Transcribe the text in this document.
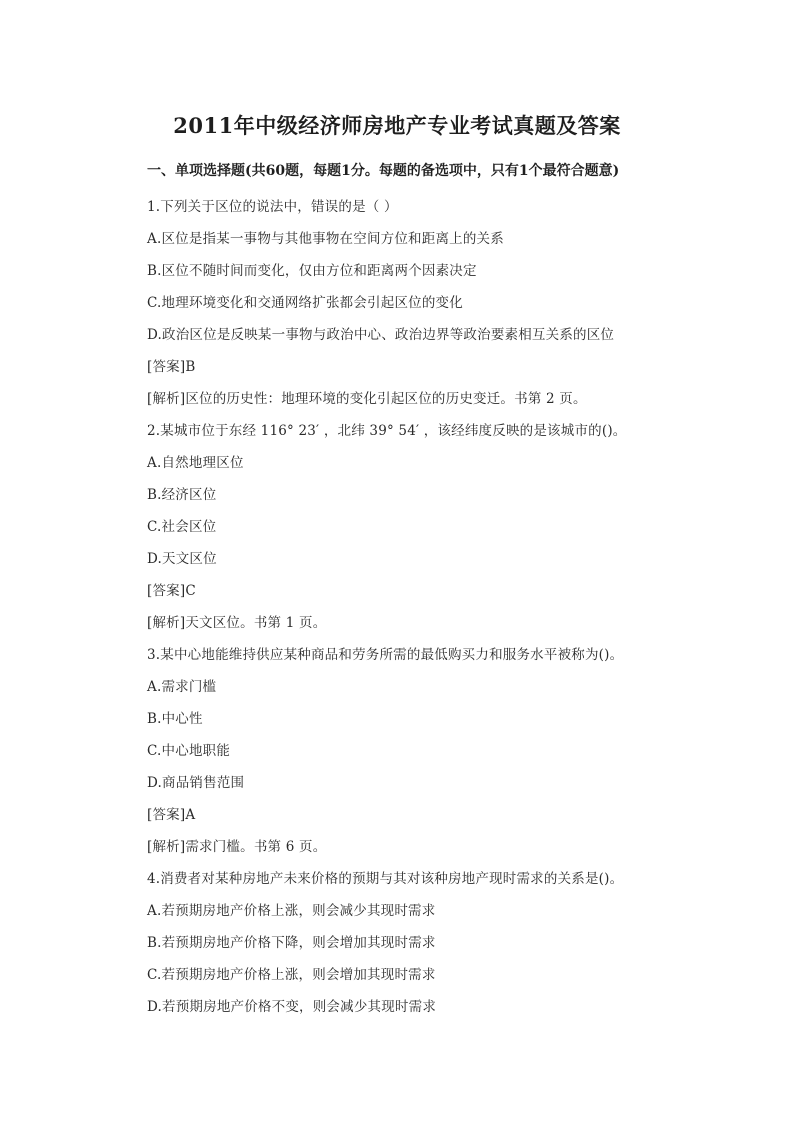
2011年中级经济师房地产专业考试真题及答案
一、单项选择题(共60题，每题1分。每题的备选项中，只有1个最符合题意)
1.下列关于区位的说法中，错误的是（ ）
A.区位是指某一事物与其他事物在空间方位和距离上的关系
B.区位不随时间而变化，仅由方位和距离两个因素决定
C.地理环境变化和交通网络扩张都会引起区位的变化
D.政治区位是反映某一事物与政治中心、政治边界等政治要素相互关系的区位
[答案]B
[解析]区位的历史性：地理环境的变化引起区位的历史变迁。书第 2 页。
2.某城市位于东经 116° 23′ ，北纬 39° 54′ ，该经纬度反映的是该城市的()。
A.自然地理区位
B.经济区位
C.社会区位
D.天文区位
[答案]C
[解析]天文区位。书第 1 页。
3.某中心地能维持供应某种商品和劳务所需的最低购买力和服务水平被称为()。
A.需求门槛
B.中心性
C.中心地职能
D.商品销售范围
[答案]A
[解析]需求门槛。书第 6 页。
4.消费者对某种房地产未来价格的预期与其对该种房地产现时需求的关系是()。
A.若预期房地产价格上涨，则会减少其现时需求
B.若预期房地产价格下降，则会增加其现时需求
C.若预期房地产价格上涨，则会增加其现时需求
D.若预期房地产价格不变，则会减少其现时需求
